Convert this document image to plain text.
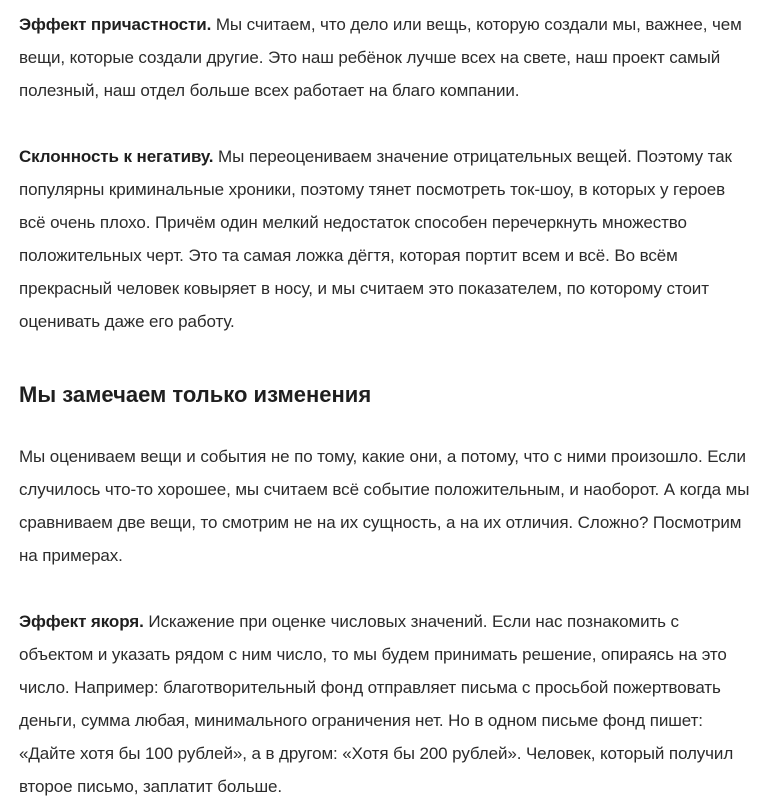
Эффект причастности. Мы считаем, что дело или вещь, которую создали мы, важнее, чем вещи, которые создали другие. Это наш ребёнок лучше всех на свете, наш проект самый полезный, наш отдел больше всех работает на благо компании.

Склонность к негативу. Мы переоцениваем значение отрицательных вещей. Поэтому так популярны криминальные хроники, поэтому тянет посмотреть ток-шоу, в которых у героев всё очень плохо. Причём один мелкий недостаток способен перечеркнуть множество положительных черт. Это та самая ложка дёгтя, которая портит всем и всё. Во всём прекрасный человек ковыряет в носу, и мы считаем это показателем, по которому стоит оценивать даже его работу.

Мы замечаем только изменения

Мы оцениваем вещи и события не по тому, какие они, а потому, что с ними произошло. Если случилось что-то хорошее, мы считаем всё событие положительным, и наоборот. А когда мы сравниваем две вещи, то смотрим не на их сущность, а на их отличия. Сложно? Посмотрим на примерах.

Эффект якоря. Искажение при оценке числовых значений. Если нас познакомить с объектом и указать рядом с ним число, то мы будем принимать решение, опираясь на это число. Например: благотворительный фонд отправляет письма с просьбой пожертвовать деньги, сумма любая, минимального ограничения нет. Но в одном письме фонд пишет: «Дайте хотя бы 100 рублей», а в другом: «Хотя бы 200 рублей». Человек, который получил второе письмо, заплатит больше.
